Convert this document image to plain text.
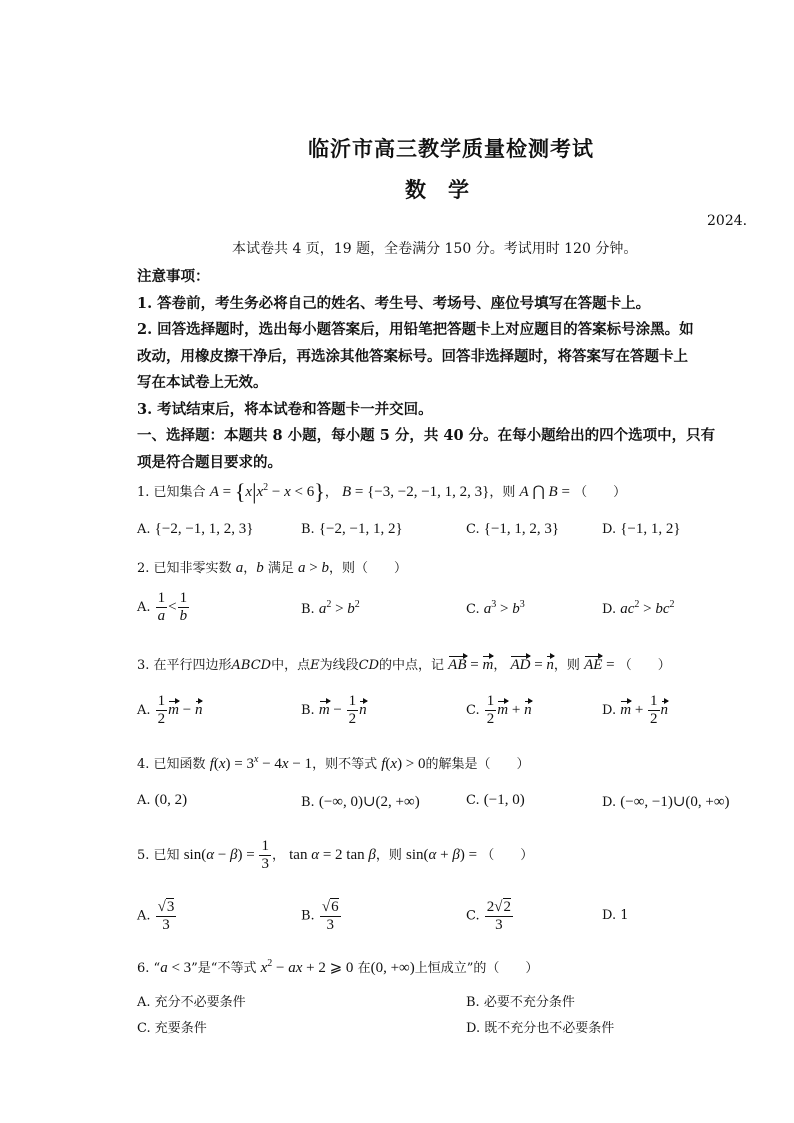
临沂市高三教学质量检测考试
数学
2024.
本试卷共 4 页，19 题，全卷满分 150 分。考试用时 120 分钟。
注意事项：
1. 答卷前，考生务必将自己的姓名、考生号、考场号、座位号填写在答题卡上。
2. 回答选择题时，选出每小题答案后，用铅笔把答题卡上对应题目的答案标号涂黑。如
改动，用橡皮擦干净后，再选涂其他答案标号。回答非选择题时，将答案写在答题卡上
写在本试卷上无效。
3. 考试结束后，将本试卷和答题卡一并交回。
一、选择题：本题共 8 小题，每小题 5 分，共 40 分。在每小题给出的四个选项中，只有
项是符合题目要求的。
1. 已知集合 $A = \{x|x^2 - x < 6\}$， B = {−3, −2, −1, 1, 2, 3}，则 A ⋂ B = （　　）
A. {−2, −1, 1, 2, 3}	B. {−2, −1, 1, 2}	C. {−1, 1, 2, 3}	D. {−1, 1, 2}
2. 已知非零实数 a，b 满足 a > b，则（　　）
A. $\frac{1}{a} < \frac{1}{b}$	B. $a^2 > b^2$	C. $a^3 > b^3$	D. $ac^2 > bc^2$
3. 在平行四边形ABCD中，点E为线段CD的中点，记 AB = m， AD = n，则 AE = （　　）
A. $\frac{1}{2}$ m − n	B. $m - \frac{1}{2}$ n	C. $\frac{1}{2}$ m + n	D. $m + \frac{1}{2}$ n
4. 已知函数 $f(x) = 3^x - 4x - 1$，则不等式 f(x) > 0的解集是（　　）
A. (0, 2)	B. (−∞, 0)∪(2, +∞)	C. (−1, 0)	D. (−∞, −1)∪(0, +∞)
5. 已知 $\sin(\alpha - \beta) = \frac{1}{3}$ ， tan α = 2 tan β，则 sin(α + β) = （　　）
A. $\frac{√3}{3}$	B. $\frac{√6}{3}$	C. $\frac{2√2}{3}$	D. 1
6. “a < 3”是“不等式 $x^2$ − ax + 2 ⩾ 0 在(0, +∞)上恒成立”的（　　）
A. 充分不必要条件	B. 必要不充分条件
C. 充要条件	D. 既不充分也不必要条件
